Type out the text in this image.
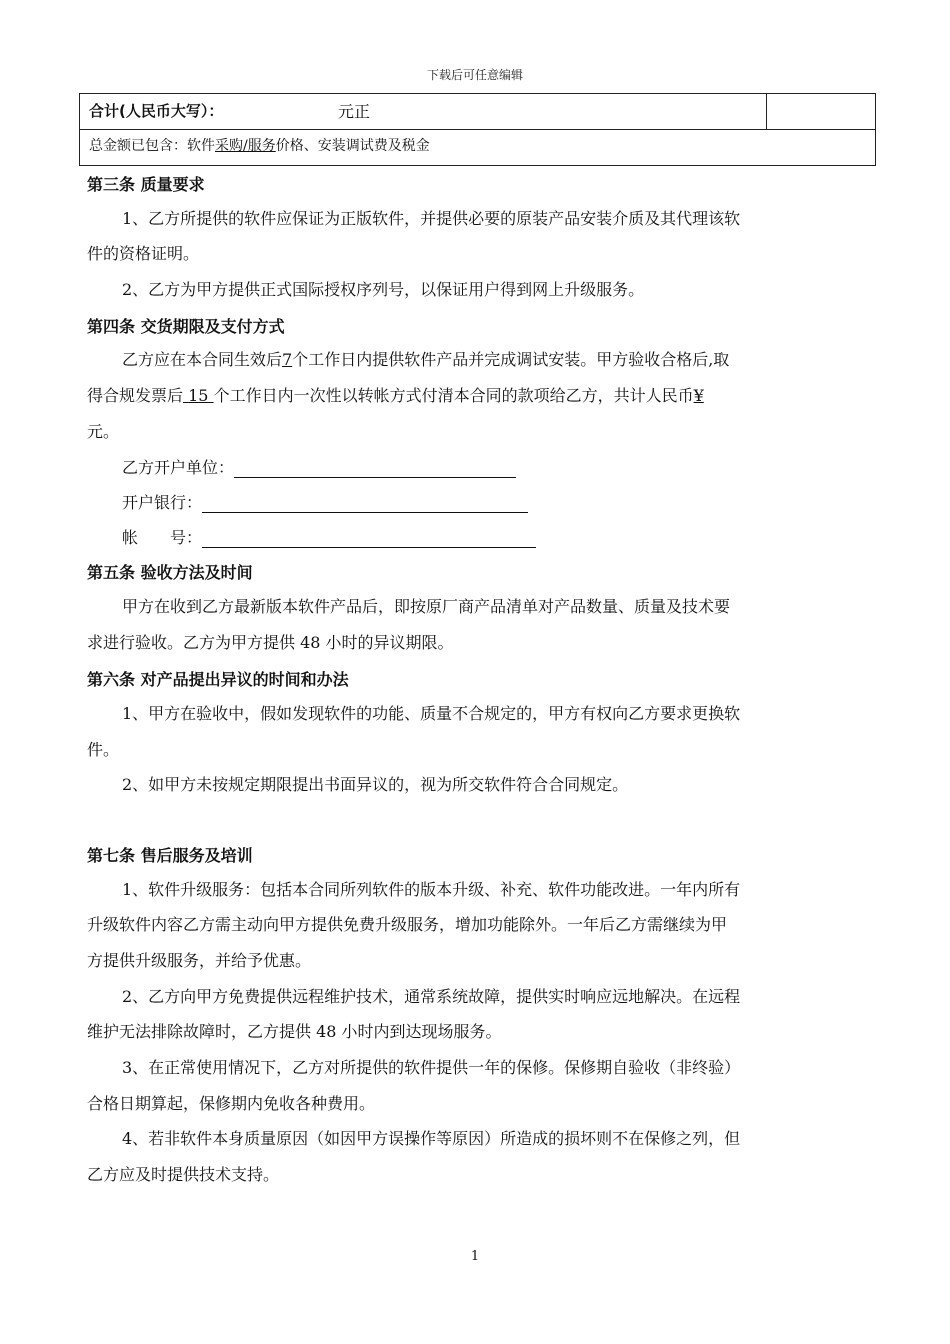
下载后可任意编辑
合计(人民币大写）：	元正
总金额已包含：软件采购/服务价格、安装调试费及税金
第三条 质量要求
1、乙方所提供的软件应保证为正版软件，并提供必要的原装产品安装介质及其代理该软
件的资格证明。
2、乙方为甲方提供正式国际授权序列号，以保证用户得到网上升级服务。
第四条 交货期限及支付方式
乙方应在本合同生效后7个工作日内提供软件产品并完成调试安装。甲方验收合格后,取
得合规发票后 15 个工作日内一次性以转帐方式付清本合同的款项给乙方，共计人民币¥
元。
乙方开户单位：
开户银行：
帐　　号：
第五条 验收方法及时间
甲方在收到乙方最新版本软件产品后，即按原厂商产品清单对产品数量、质量及技术要
求进行验收。乙方为甲方提供 48 小时的异议期限。
第六条 对产品提出异议的时间和办法
1、甲方在验收中，假如发现软件的功能、质量不合规定的，甲方有权向乙方要求更换软
件。
2、如甲方未按规定期限提出书面异议的，视为所交软件符合合同规定。
第七条 售后服务及培训
1、软件升级服务：包括本合同所列软件的版本升级、补充、软件功能改进。一年内所有
升级软件内容乙方需主动向甲方提供免费升级服务，增加功能除外。一年后乙方需继续为甲
方提供升级服务，并给予优惠。
2、乙方向甲方免费提供远程维护技术，通常系统故障，提供实时响应远地解决。在远程
维护无法排除故障时，乙方提供 48 小时内到达现场服务。
3、在正常使用情况下，乙方对所提供的软件提供一年的保修。保修期自验收（非终验）
合格日期算起，保修期内免收各种费用。
4、若非软件本身质量原因（如因甲方误操作等原因）所造成的损坏则不在保修之列，但
乙方应及时提供技术支持。
1
